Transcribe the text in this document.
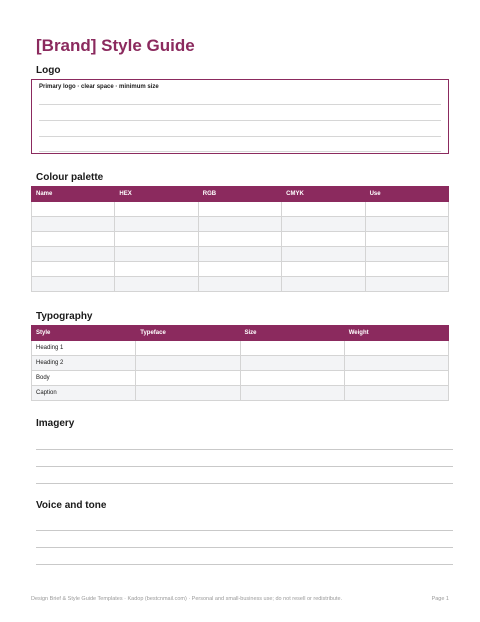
[Brand] Style Guide
Logo
Primary logo · clear space · minimum size
Colour palette
Name	HEX	RGB	CMYK	Use

Typography
Style	Typeface	Size	Weight
Heading 1			
Heading 2			
Body			
Caption			
Imagery
Voice and tone
Design Brief & Style Guide Templates · Kadop (bestcnmail.com) · Personal and small-business use; do not resell or redistribute.	Page 1
